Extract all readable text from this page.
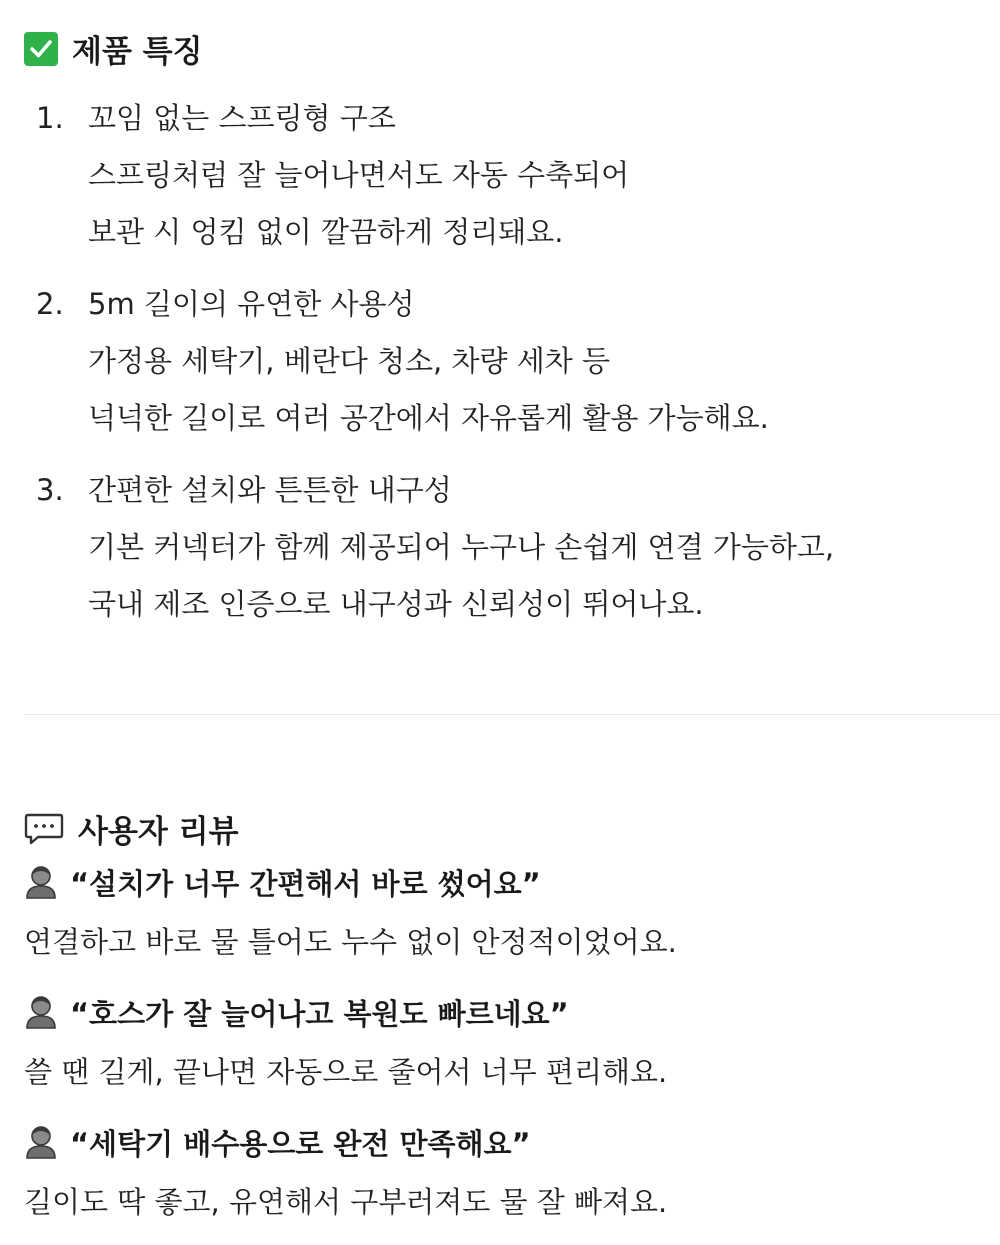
제품 특징
1. 꼬임 없는 스프링형 구조
스프링처럼 잘 늘어나면서도 자동 수축되어
보관 시 엉킴 없이 깔끔하게 정리돼요.
2. 5m 길이의 유연한 사용성
가정용 세탁기, 베란다 청소, 차량 세차 등
넉넉한 길이로 여러 공간에서 자유롭게 활용 가능해요.
3. 간편한 설치와 튼튼한 내구성
기본 커넥터가 함께 제공되어 누구나 손쉽게 연결 가능하고,
국내 제조 인증으로 내구성과 신뢰성이 뛰어나요.
사용자 리뷰
“설치가 너무 간편해서 바로 썼어요”
연결하고 바로 물 틀어도 누수 없이 안정적이었어요.
“호스가 잘 늘어나고 복원도 빠르네요”
쓸 땐 길게, 끝나면 자동으로 줄어서 너무 편리해요.
“세탁기 배수용으로 완전 만족해요”
길이도 딱 좋고, 유연해서 구부러져도 물 잘 빠져요.
